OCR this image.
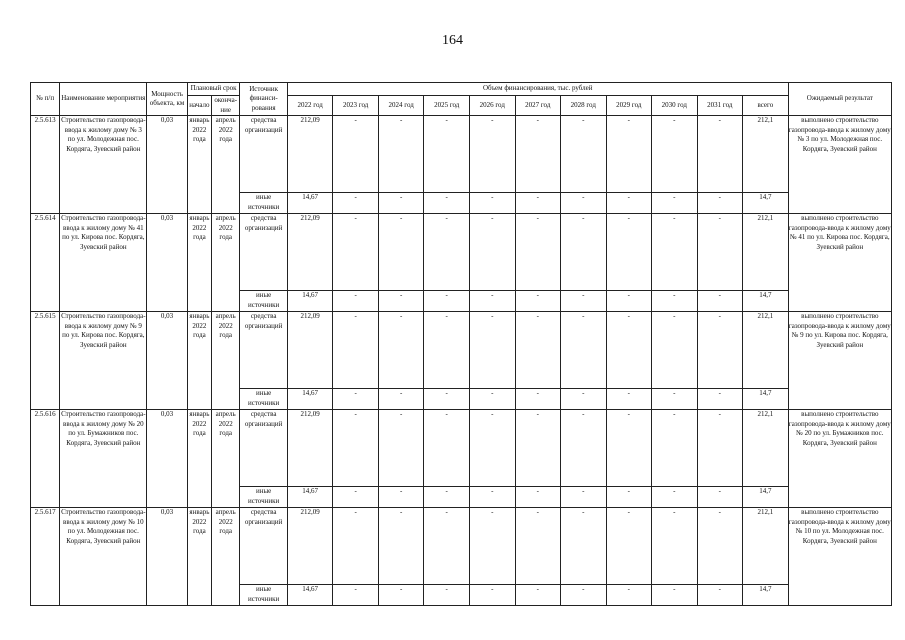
164
№ п/п	Наименование мероприятия	Мощность объекта, км	Плановый срок		Источник финанси-рования	Объем финансирования, тыс. рублей											Ожидаемый результат
			начало	оконча-ние		2022 год	2023 год	2024 год	2025 год	2026 год	2027 год	2028 год	2029 год	2030 год	2031 год	всего	
2.5.613	Строительство газопровода-ввода к жилому дому № 3 по ул. Молодежная пос. Кордяга, Зуевский район	0,03	январь 2022 года	апрель 2022 года	средства организаций	212,09	-	-	-	-	-	-	-	-	-	212,1	выполнено строительство газопровода-ввода к жилому дому № 3 по ул. Молодежная пос. Кордяга, Зуевский район
					иные источники	14,67	-	-	-	-	-	-	-	-	-	14,7	
2.5.614	Строительство газопровода-ввода к жилому дому № 41 по ул. Кирова пос. Кордяга, Зуевский район	0,03	январь 2022 года	апрель 2022 года	средства организаций	212,09	-	-	-	-	-	-	-	-	-	212,1	выполнено строительство газопровода-ввода к жилому дому № 41 по ул. Кирова пос. Кордяга, Зуевский район
					иные источники	14,67	-	-	-	-	-	-	-	-	-	14,7	
2.5.615	Строительство газопровода-ввода к жилому дому № 9 по ул. Кирова пос. Кордяга, Зуевский район	0,03	январь 2022 года	апрель 2022 года	средства организаций	212,09	-	-	-	-	-	-	-	-	-	212,1	выполнено строительство газопровода-ввода к жилому дому № 9 по ул. Кирова пос. Кордяга, Зуевский район
					иные источники	14,67	-	-	-	-	-	-	-	-	-	14,7	
2.5.616	Строительство газопровода-ввода к жилому дому № 20 по ул. Бумажников пос. Кордяга, Зуевский район	0,03	январь 2022 года	апрель 2022 года	средства организаций	212,09	-	-	-	-	-	-	-	-	-	212,1	выполнено строительство газопровода-ввода к жилому дому № 20 по ул. Бумажников пос. Кордяга, Зуевский район
					иные источники	14,67	-	-	-	-	-	-	-	-	-	14,7	
2.5.617	Строительство газопровода-ввода к жилому дому № 10 по ул. Молодежная пос. Кордяга, Зуевский район	0,03	январь 2022 года	апрель 2022 года	средства организаций	212,09	-	-	-	-	-	-	-	-	-	212,1	выполнено строительство газопровода-ввода к жилому дому № 10 по ул. Молодежная пос. Кордяга, Зуевский район
					иные источники	14,67	-	-	-	-	-	-	-	-	-	14,7	
